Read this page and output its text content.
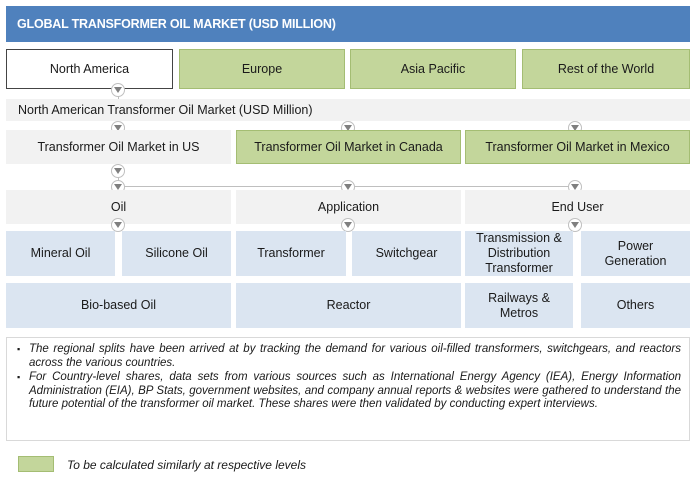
GLOBAL TRANSFORMER OIL MARKET (USD MILLION)
North America	Europe	Asia Pacific	Rest of the World
North American Transformer Oil Market (USD Million)
Transformer Oil Market in US	Transformer Oil Market in Canada	Transformer Oil Market in Mexico
Oil	Application	End User
Mineral Oil	Silicone Oil	Transformer	Switchgear
Transmission & Distribution Transformer
Power Generation
Bio-based Oil	Reactor
Railways & Metros
Others
▪ The regional splits have been arrived at by tracking the demand for various oil-filled transformers, switchgears, and reactors across the various countries.
▪ For Country-level shares, data sets from various sources such as International Energy Agency (IEA), Energy Information Administration (EIA), BP Stats, government websites, and company annual reports & websites were gathered to understand the future potential of the transformer oil market. These shares were then validated by conducting expert interviews.
To be calculated similarly at respective levels
